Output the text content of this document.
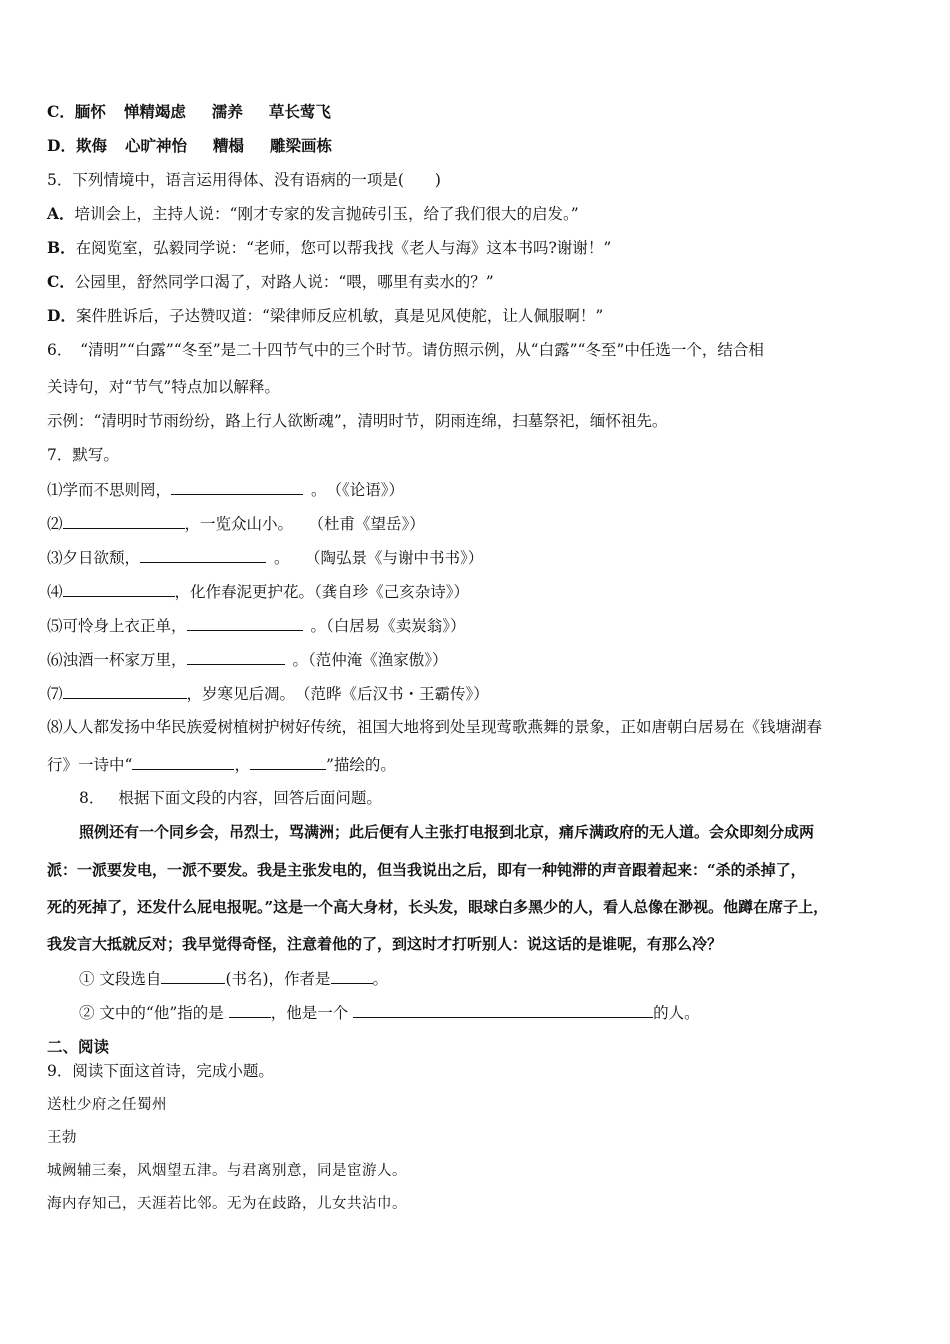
C．腼怀 惮精竭虑 濡养 草长莺飞
D．欺侮 心旷神怡 糟榻 雕梁画栋
5．下列情境中，语言运用得体、没有语病的一项是(　　)
A．培训会上，主持人说：“刚才专家的发言抛砖引玉，给了我们很大的启发。”
B．在阅览室，弘毅同学说：“老师，您可以帮我找《老人与海》这本书吗?谢谢！”
C．公园里，舒然同学口渴了，对路人说：“喂，哪里有卖水的？”
D．案件胜诉后，子达赞叹道：“梁律师反应机敏，真是见风使舵，让人佩服啊！”
6．　“清明”“白露”“冬至”是二十四节气中的三个时节。请仿照示例，从“白露”“冬至”中任选一个，结合相
关诗句，对“节气”特点加以解释。
示例：“清明时节雨纷纷，路上行人欲断魂”，清明时节，阴雨连绵，扫墓祭祀，缅怀祖先。
7．默写。
⑴学而不思则罔，	。　（《论语》）
⑵	，一览众山小。　　（杜甫《望岳》）
⑶夕日欲颓，	。　　（陶弘景《与谢中书书》）
⑷	，化作春泥更护花。（龚自珍《己亥杂诗》）
⑸可怜身上衣正单，	。（白居易《卖炭翁》）
⑹浊酒一杯家万里，	。（范仲淹《渔家傲》）
⑺	，岁寒见后凋。　（范晔《后汉书・王霸传》）
⑻人人都发扬中华民族爱树植树护树好传统，祖国大地将到处呈现莺歌燕舞的景象，正如唐朝白居易在《钱塘湖春
行》一诗中“	，	”描绘的。
8． 根据下面文段的内容，回答后面问题。
照例还有一个同乡会，吊烈士，骂满洲；此后便有人主张打电报到北京，痛斥满政府的无人道。会众即刻分成两
派：一派要发电，一派不要发。我是主张发电的，但当我说出之后，即有一种钝滞的声音跟着起来：“杀的杀掉了，
死的死掉了，还发什么屁电报呢。”这是一个高大身材，长头发，眼球白多黑少的人，看人总像在渺视。他蹲在席子上，
我发言大抵就反对；我早觉得奇怪，注意着他的了，到这时才打听别人：说这话的是谁呢，有那么冷？
① 文段选自	(书名)，作者是	。
② 文中的“他”指的是	，他是一个	的人。
二、阅读
9．阅读下面这首诗，完成小题。
送杜少府之任蜀州
王勃
城阙辅三秦，风烟望五津。与君离别意，同是宦游人。
海内存知己，天涯若比邻。无为在歧路，儿女共沾巾。
